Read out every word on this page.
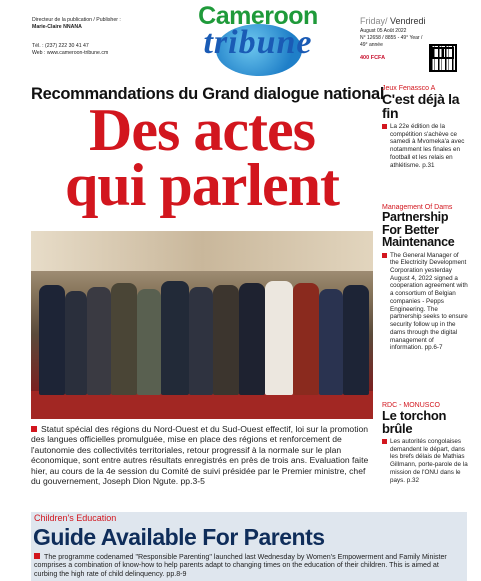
Directeur de la publication / Publisher :
Marie-Claire NNANA
Tél. : (237) 222 30 41 47
Web : www.cameroon-tribune.cm
Cameroon
tribune
Friday/ Vendredi
August 05 Août 2022
N° 12658 / 8855 - 49° Year / 49° année
400 FCFA
Recommandations du Grand dialogue national
Des actes
qui parlent
Statut spécial des régions du Nord-Ouest et du Sud-Ouest effectif, loi sur la promotion des langues officielles promulguée, mise en place des régions et renforcement de l'autonomie des collectivités territoriales, retour progressif à la normale sur le plan économique, sont entre autres résultats enregistrés en près de trois ans. Evaluation faite hier, au cours de la 4e session du Comité de suivi présidée par le Premier ministre, chef du gouvernement, Joseph Dion Ngute. pp.3-5
Jeux Fenassco A
C'est déjà la fin
La 22e édition de la compétition s'achève ce samedi à Mvomeka'a avec notamment les finales en football et les relais en athlétisme. p.31
Management Of Dams
Partnership For Better Maintenance
The General Manager of the Electricity Development Corporation yesterday August 4, 2022 signed a cooperation agreement with a consortium of Belgian companies - Pepps Engineering. The partnership seeks to ensure security follow up in the dams through the digital management of information. pp.6-7
RDC - MONUSCO
Le torchon brûle
Les autorités congolaises demandent le départ, dans les brefs délais de Mathias Gillmann, porte-parole de la mission de l'ONU dans le pays. p.32
Children's Education
Guide Available For Parents
The programme codenamed "Responsible Parenting" launched last Wednesday by Women's Empowerment and Family Minister comprises a combination of know-how to help parents adapt to changing times on the education of their children. This is aimed at curbing the high rate of child delinquency. pp.8-9
